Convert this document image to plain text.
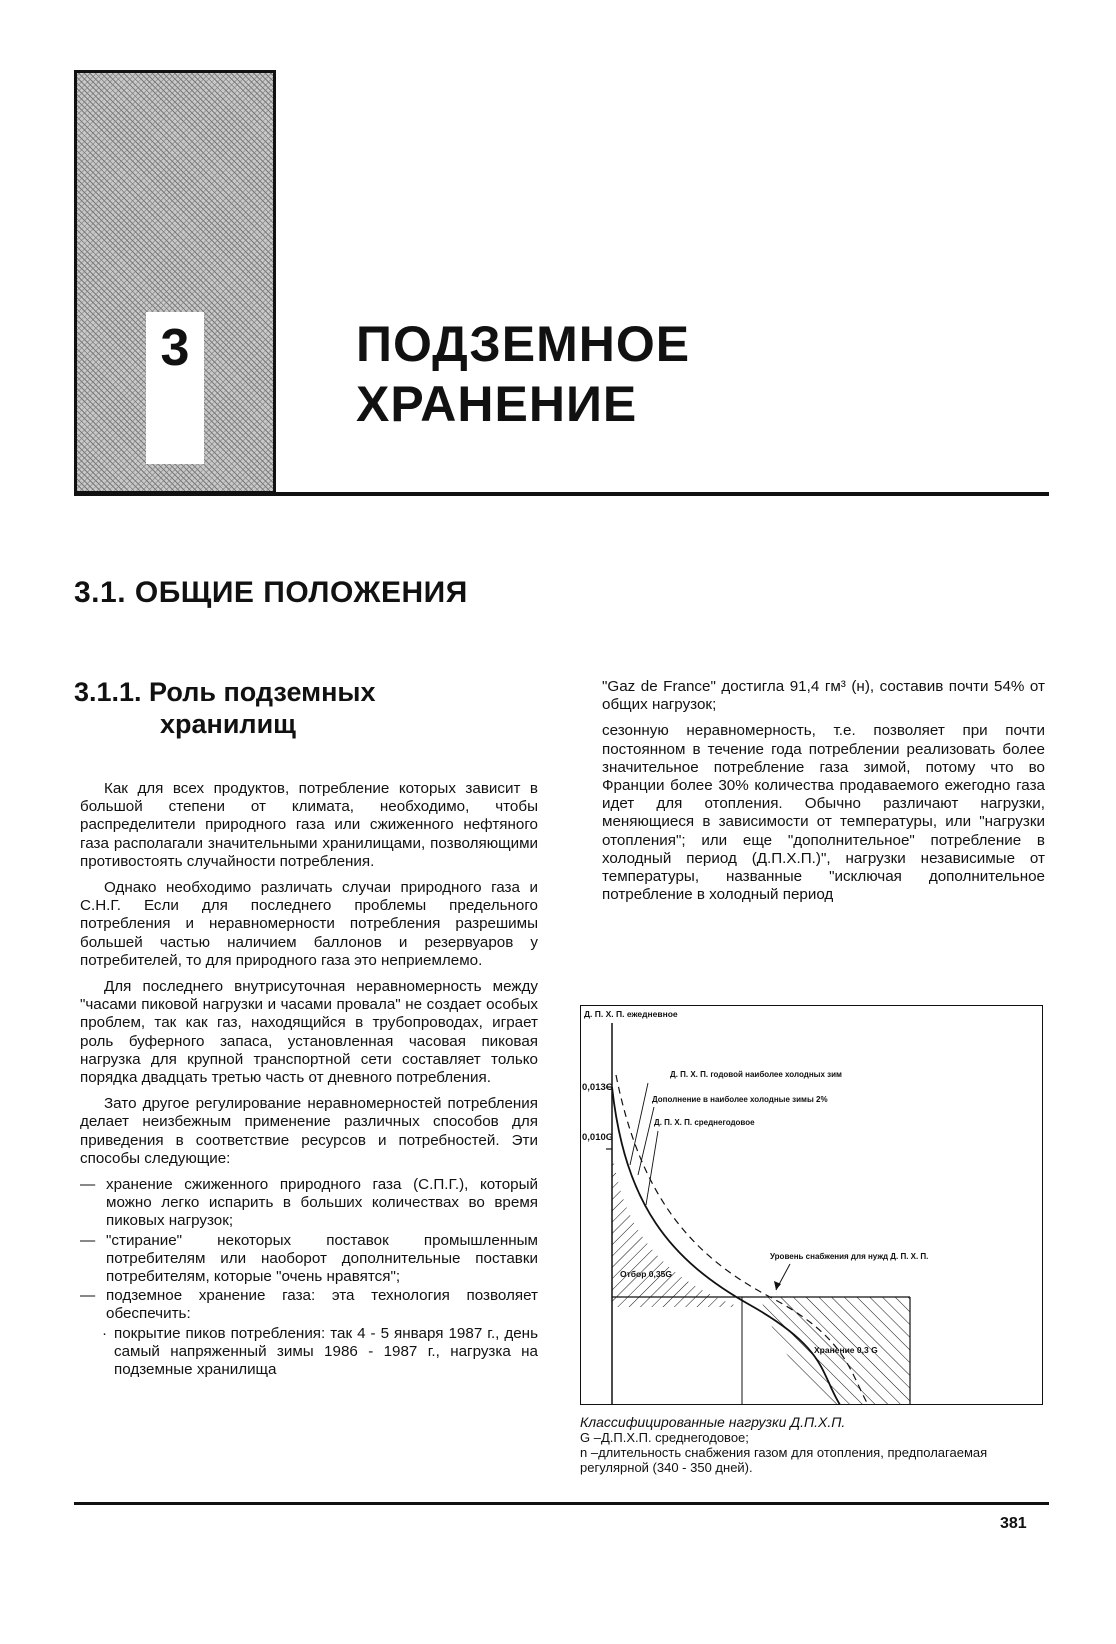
3	ПОДЗЕМНОЕ
ХРАНЕНИЕ
3.1. ОБЩИЕ ПОЛОЖЕНИЯ
3.1.1. Роль подземных
хранилищ

Как для всех продуктов, потребление которых зависит в большой степени от климата, необходимо, чтобы распределители природного газа или сжиженного нефтяного газа располагали значительными хранилищами, позволяющими противостоять случайности потребления.

Однако необходимо различать случаи природного газа и С.Н.Г. Если для последнего проблемы предельного потребления и неравномерности потребления разрешимы большей частью наличием баллонов и резервуаров у потребителей, то для природного газа это неприемлемо.

Для последнего внутрисуточная неравномерность между "часами пиковой нагрузки и часами провала" не создает особых проблем, так как газ, находящийся в трубопроводах, играет роль буферного запаса, установленная часовая пиковая нагрузка для крупной транспортной сети составляет только порядка двадцать третью часть от дневного потребления.

Зато другое регулирование неравномерностей потребления делает неизбежным применение различных способов для приведения в соответствие ресурсов и потребностей. Эти способы следующие:

— хранение сжиженного природного газа (С.П.Г.), который можно легко испарить в больших количествах во время пиковых нагрузок;
— "стирание" некоторых поставок промышленным потребителям или наоборот дополнительные поставки потребителям, которые "очень нравятся";
— подземное хранение газа: эта технология позволяет обеспечить:
· покрытие пиков потребления: так 4 - 5 января 1987 г., день самый напряженный зимы 1986 - 1987 г., нагрузка на подземные хранилища

"Gaz de France" достигла 91,4 гм³ (н), составив почти 54% от общих нагрузок;

сезонную неравномерность, т.е. позволяет при почти постоянном в течение года потреблении реализовать более значительное потребление газа зимой, потому что во Франции более 30% количества продаваемого ежегодно газа идет для отопления. Обычно различают нагрузки, меняющиеся в зависимости от температуры, или "нагрузки отопления"; или еще "дополнительное" потребление в холодный период (Д.П.Х.П.)", нагрузки независимые от температуры, названные "исключая дополнительное потребление в холодный период

Д. П. Х. П. ежедневное
0,013G
0,010G
Д. П. Х. П. годовой наиболее холодных зим
Дополнение в наиболее холодные зимы 2%
Д. П. Х. П. среднегодовое
Уровень снабжения для нужд Д. П. Х. П.
Отбор 0,35G
Хранение 0,3 G
Классифицированные нагрузки Д.П.Х.П.
G –Д.П.Х.П. среднегодовое;
n –длительность снабжения газом для отопления, предполагаемая регулярной (340 - 350 дней).
381
